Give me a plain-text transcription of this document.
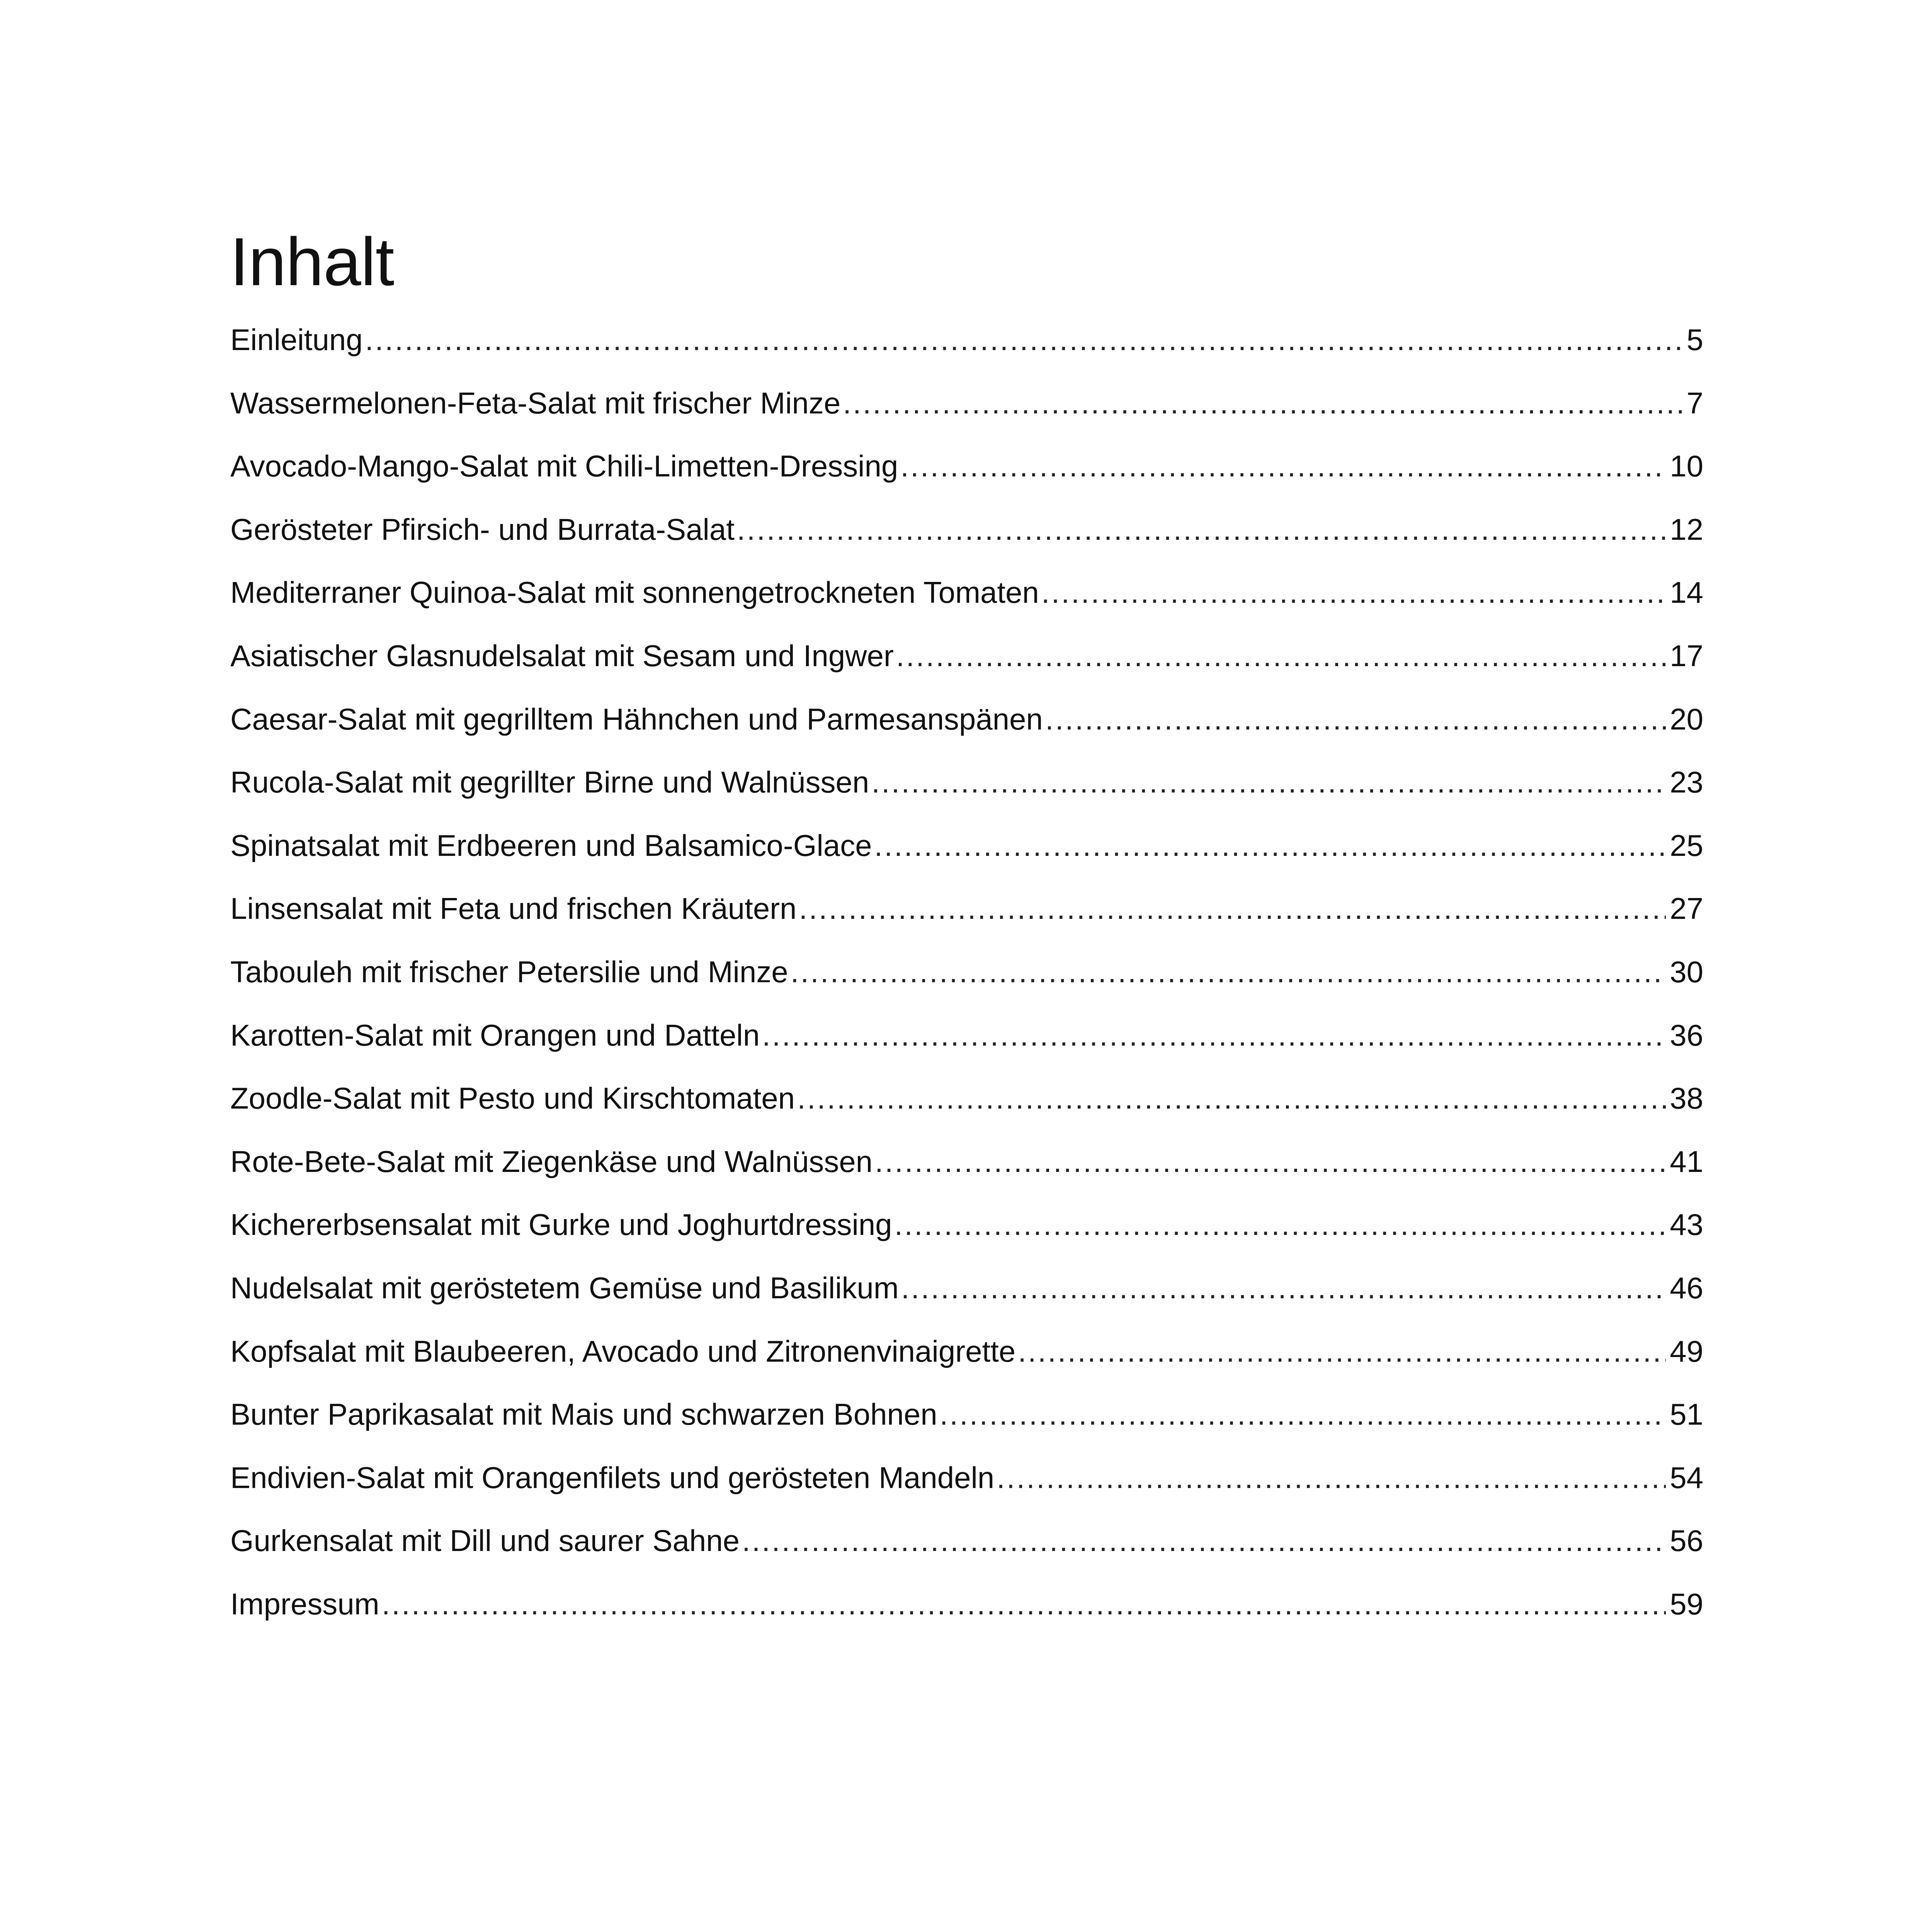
Inhalt
Einleitung .....	5
Wassermelonen-Feta-Salat mit frischer Minze .....	7
Avocado-Mango-Salat mit Chili-Limetten-Dressing .....	10
Gerösteter Pfirsich- und Burrata-Salat .....	12
Mediterraner Quinoa-Salat mit sonnengetrockneten Tomaten .....	14
Asiatischer Glasnudelsalat mit Sesam und Ingwer .....	17
Caesar-Salat mit gegrilltem Hähnchen und Parmesanspänen .....	20
Rucola-Salat mit gegrillter Birne und Walnüssen .....	23
Spinatsalat mit Erdbeeren und Balsamico-Glace .....	25
Linsensalat mit Feta und frischen Kräutern .....	27
Tabouleh mit frischer Petersilie und Minze .....	30
Karotten-Salat mit Orangen und Datteln .....	36
Zoodle-Salat mit Pesto und Kirschtomaten .....	38
Rote-Bete-Salat mit Ziegenkäse und Walnüssen .....	41
Kichererbsensalat mit Gurke und Joghurtdressing .....	43
Nudelsalat mit geröstetem Gemüse und Basilikum .....	46
Kopfsalat mit Blaubeeren, Avocado und Zitronenvinaigrette .....	49
Bunter Paprikasalat mit Mais und schwarzen Bohnen .....	51
Endivien-Salat mit Orangenfilets und gerösteten Mandeln .....	54
Gurkensalat mit Dill und saurer Sahne .....	56
Impressum .....	59
